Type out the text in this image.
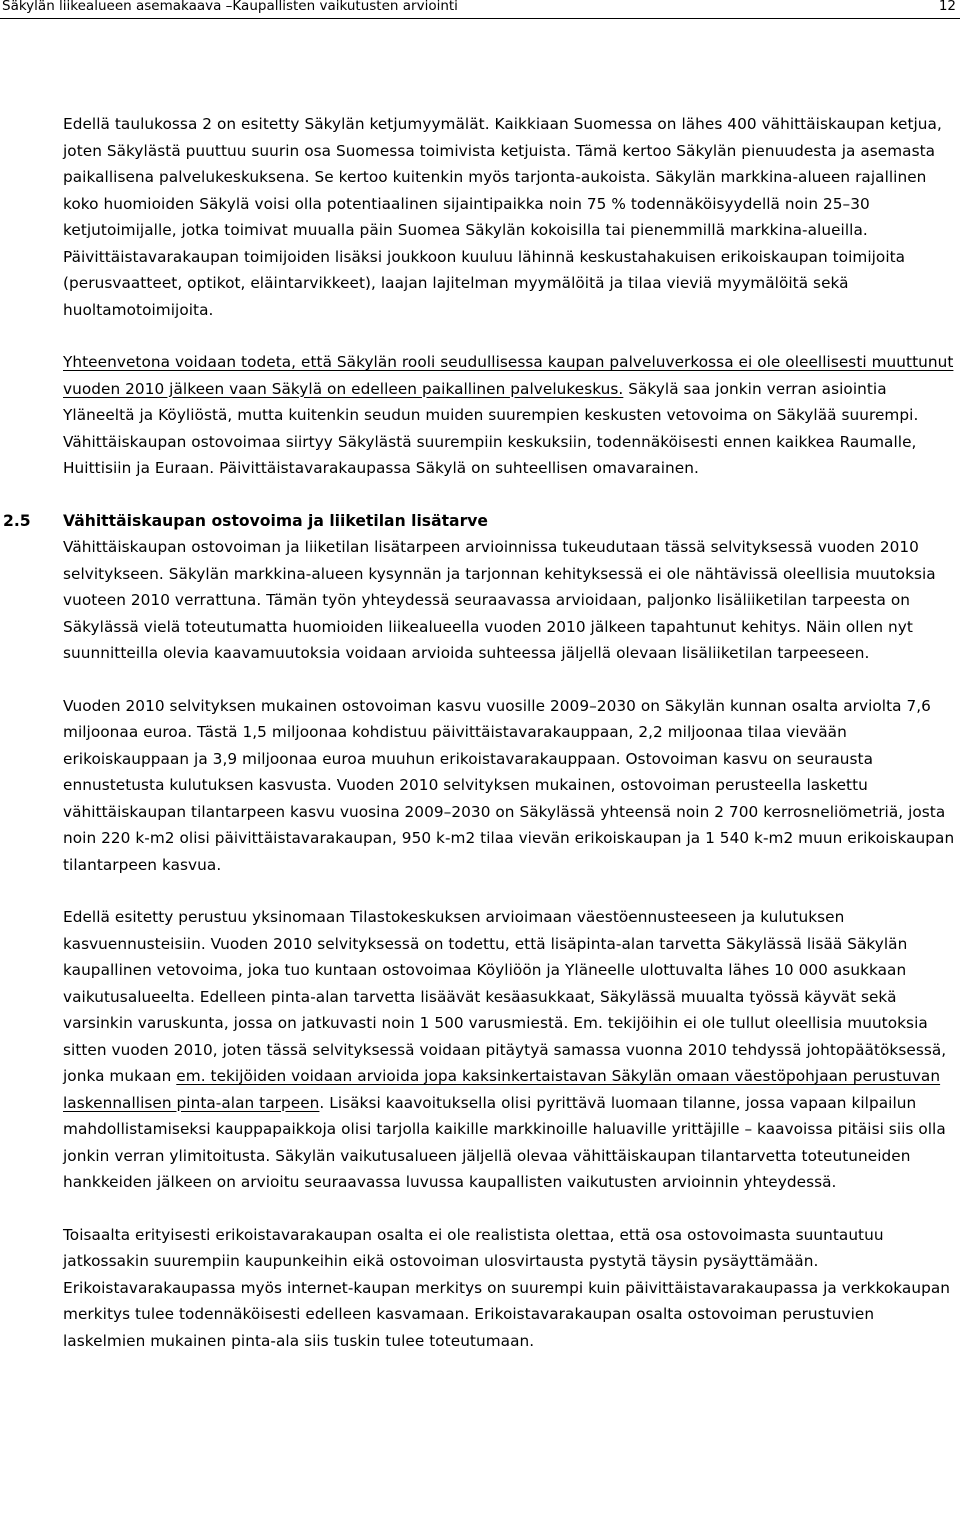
Säkylän liikealueen asemakaava –Kaupallisten vaikutusten arviointi	12

Edellä taulukossa 2 on esitetty Säkylän ketjumyymälät. Kaikkiaan Suomessa on lähes 400 vähittäiskaupan ketjua, joten Säkylästä puuttuu suurin osa Suomessa toimivista ketjuista. Tämä kertoo Säkylän pienuudesta ja asemasta paikallisena palvelukeskuksena. Se kertoo kuitenkin myös tarjonta-aukoista. Säkylän markkina-alueen rajallinen koko huomioiden Säkylä voisi olla potentiaalinen sijaintipaikka noin 75 % todennäköisyydellä noin 25–30 ketjutoimijalle, jotka toimivat muualla päin Suomea Säkylän kokoisilla tai pienemmillä markkina-alueilla. Päivittäistavarakaupan toimijoiden lisäksi joukkoon kuuluu lähinnä keskustahakuisen erikoiskaupan toimijoita (perusvaatteet, optikot, eläintarvikkeet), laajan lajitelman myymälöitä ja tilaa vieviä myymälöitä sekä huoltamotoimijoita.

Yhteenvetona voidaan todeta, että Säkylän rooli seudullisessa kaupan palveluverkossa ei ole oleellisesti muuttunut vuoden 2010 jälkeen vaan Säkylä on edelleen paikallinen palvelukeskus. Säkylä saa jonkin verran asiointia Yläneeltä ja Köyliöstä, mutta kuitenkin seudun muiden suurempien keskusten vetovoima on Säkylää suurempi. Vähittäiskaupan ostovoimaa siirtyy Säkylästä suurempiin keskuksiin, todennäköisesti ennen kaikkea Raumalle, Huittisiin ja Euraan. Päivittäistavarakaupassa Säkylä on suhteellisen omavarainen.

2.5 Vähittäiskaupan ostovoima ja liiketilan lisätarve

Vähittäiskaupan ostovoiman ja liiketilan lisätarpeen arvioinnissa tukeudutaan tässä selvityksessä vuoden 2010 selvitykseen. Säkylän markkina-alueen kysynnän ja tarjonnan kehityksessä ei ole nähtävissä oleellisia muutoksia vuoteen 2010 verrattuna. Tämän työn yhteydessä seuraavassa arvioidaan, paljonko lisäliiketilan tarpeesta on Säkylässä vielä toteutumatta huomioiden liikealueella vuoden 2010 jälkeen tapahtunut kehitys. Näin ollen nyt suunnitteilla olevia kaavamuutoksia voidaan arvioida suhteessa jäljellä olevaan lisäliiketilan tarpeeseen.

Vuoden 2010 selvityksen mukainen ostovoiman kasvu vuosille 2009–2030 on Säkylän kunnan osalta arviolta 7,6 miljoonaa euroa. Tästä 1,5 miljoonaa kohdistuu päivittäistavarakauppaan, 2,2 miljoonaa tilaa vievään erikoiskauppaan ja 3,9 miljoonaa euroa muuhun erikoistavarakauppaan. Ostovoiman kasvu on seurausta ennustetusta kulutuksen kasvusta. Vuoden 2010 selvityksen mukainen, ostovoiman perusteella laskettu vähittäiskaupan tilantarpeen kasvu vuosina 2009–2030 on Säkylässä yhteensä noin 2 700 kerrosneliömetriä, josta noin 220 k-m2 olisi päivittäistavarakaupan, 950 k-m2 tilaa vievän erikoiskaupan ja 1 540 k-m2 muun erikoiskaupan tilantarpeen kasvua.

Edellä esitetty perustuu yksinomaan Tilastokeskuksen arvioimaan väestöennusteeseen ja kulutuksen kasvuennusteisiin. Vuoden 2010 selvityksessä on todettu, että lisäpinta-alan tarvetta Säkylässä lisää Säkylän kaupallinen vetovoima, joka tuo kuntaan ostovoimaa Köyliöön ja Yläneelle ulottuvalta lähes 10 000 asukkaan vaikutusalueelta. Edelleen pinta-alan tarvetta lisäävät kesäasukkaat, Säkylässä muualta työssä käyvät sekä varsinkin varuskunta, jossa on jatkuvasti noin 1 500 varusmiestä. Em. tekijöihin ei ole tullut oleellisia muutoksia sitten vuoden 2010, joten tässä selvityksessä voidaan pitäytyä samassa vuonna 2010 tehdyssä johtopäätöksessä, jonka mukaan em. tekijöiden voidaan arvioida jopa kaksinkertaistavan Säkylän omaan väestöpohjaan perustuvan laskennallisen pinta-alan tarpeen. Lisäksi kaavoituksella olisi pyrittävä luomaan tilanne, jossa vapaan kilpailun mahdollistamiseksi kauppapaikkoja olisi tarjolla kaikille markkinoille haluaville yrittäjille – kaavoissa pitäisi siis olla jonkin verran ylimitoitusta. Säkylän vaikutusalueen jäljellä olevaa vähittäiskaupan tilantarvetta toteutuneiden hankkeiden jälkeen on arvioitu seuraavassa luvussa kaupallisten vaikutusten arvioinnin yhteydessä.

Toisaalta erityisesti erikoistavarakaupan osalta ei ole realistista olettaa, että osa ostovoimasta suuntautuu jatkossakin suurempiin kaupunkeihin eikä ostovoiman ulosvirtausta pystytä täysin pysäyttämään. Erikoistavarakaupassa myös internet-kaupan merkitys on suurempi kuin päivittäistavarakaupassa ja verkkokaupan merkitys tulee todennäköisesti edelleen kasvamaan. Erikoistavarakaupan osalta ostovoiman perustuvien laskelmien mukainen pinta-ala siis tuskin tulee toteutumaan.
